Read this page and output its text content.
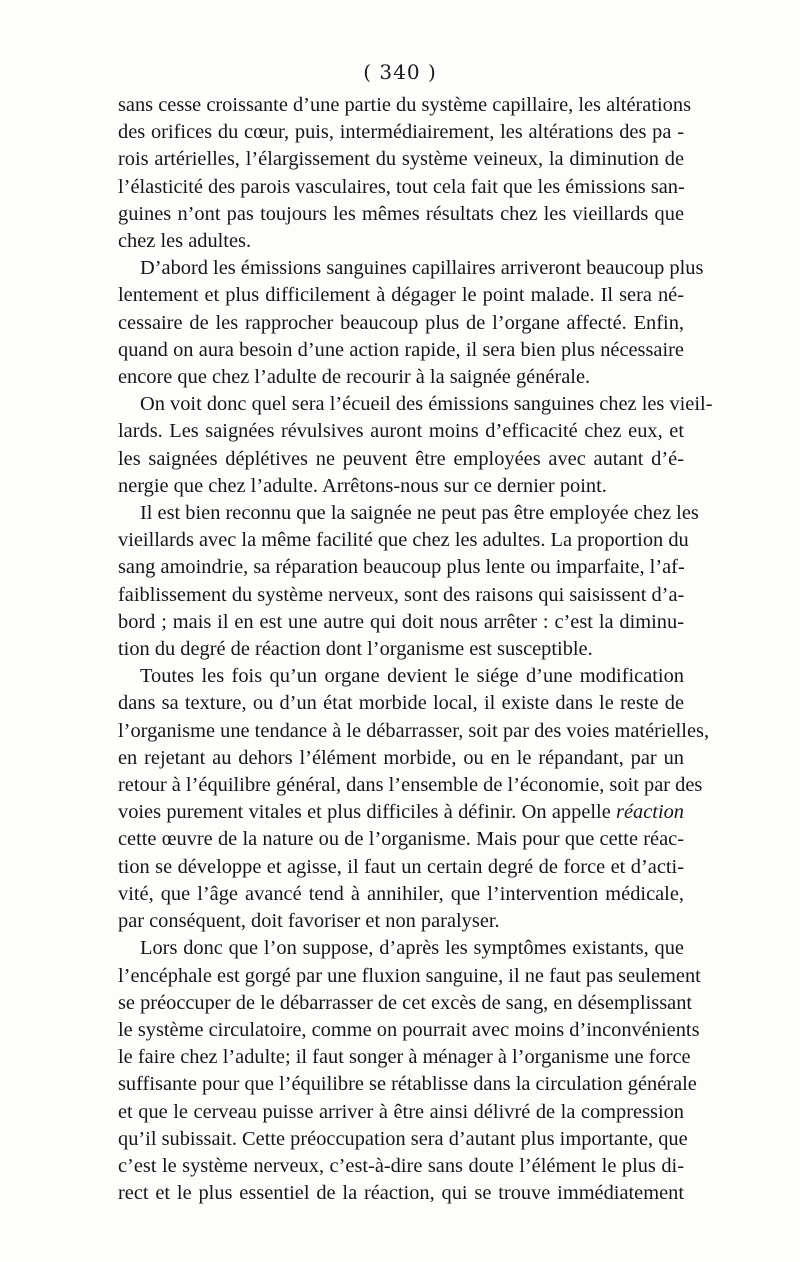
( 340 )

sans cesse croissante d’une partie du système capillaire, les altérations
des orifices du cœur, puis, intermédiairement, les altérations des pa -
rois artérielles, l’élargissement du système veineux, la diminution de
l’élasticité des parois vasculaires, tout cela fait que les émissions san-
guines n’ont pas toujours les mêmes résultats chez les vieillards que
chez les adultes.

D’abord les émissions sanguines capillaires arriveront beaucoup plus
lentement et plus difficilement à dégager le point malade. Il sera né-
cessaire de les rapprocher beaucoup plus de l’organe affecté. Enfin,
quand on aura besoin d’une action rapide, il sera bien plus nécessaire
encore que chez l’adulte de recourir à la saignée générale.

On voit donc quel sera l’écueil des émissions sanguines chez les vieil-
lards. Les saignées révulsives auront moins d’efficacité chez eux, et
les saignées déplétives ne peuvent être employées avec autant d’é-
nergie que chez l’adulte. Arrêtons-nous sur ce dernier point.

Il est bien reconnu que la saignée ne peut pas être employée chez les
vieillards avec la même facilité que chez les adultes. La proportion du
sang amoindrie, sa réparation beaucoup plus lente ou imparfaite, l’af-
faiblissement du système nerveux, sont des raisons qui saisissent d’a-
bord ; mais il en est une autre qui doit nous arrêter : c’est la diminu-
tion du degré de réaction dont l’organisme est susceptible.

Toutes les fois qu’un organe devient le siége d’une modification
dans sa texture, ou d’un état morbide local, il existe dans le reste de
l’organisme une tendance à le débarrasser, soit par des voies matérielles,
en rejetant au dehors l’élément morbide, ou en le répandant, par un
retour à l’équilibre général, dans l’ensemble de l’économie, soit par des
voies purement vitales et plus difficiles à définir. On appelle réaction
cette œuvre de la nature ou de l’organisme. Mais pour que cette réac-
tion se développe et agisse, il faut un certain degré de force et d’acti-
vité, que l’âge avancé tend à annihiler, que l’intervention médicale,
par conséquent, doit favoriser et non paralyser.

Lors donc que l’on suppose, d’après les symptômes existants, que
l’encéphale est gorgé par une fluxion sanguine, il ne faut pas seulement
se préoccuper de le débarrasser de cet excès de sang, en désemplissant
le système circulatoire, comme on pourrait avec moins d’inconvénients
le faire chez l’adulte; il faut songer à ménager à l’organisme une force
suffisante pour que l’équilibre se rétablisse dans la circulation générale
et que le cerveau puisse arriver à être ainsi délivré de la compression
qu’il subissait. Cette préoccupation sera d’autant plus importante, que
c’est le système nerveux, c’est-à-dire sans doute l’élément le plus di-
rect et le plus essentiel de la réaction, qui se trouve immédiatement
